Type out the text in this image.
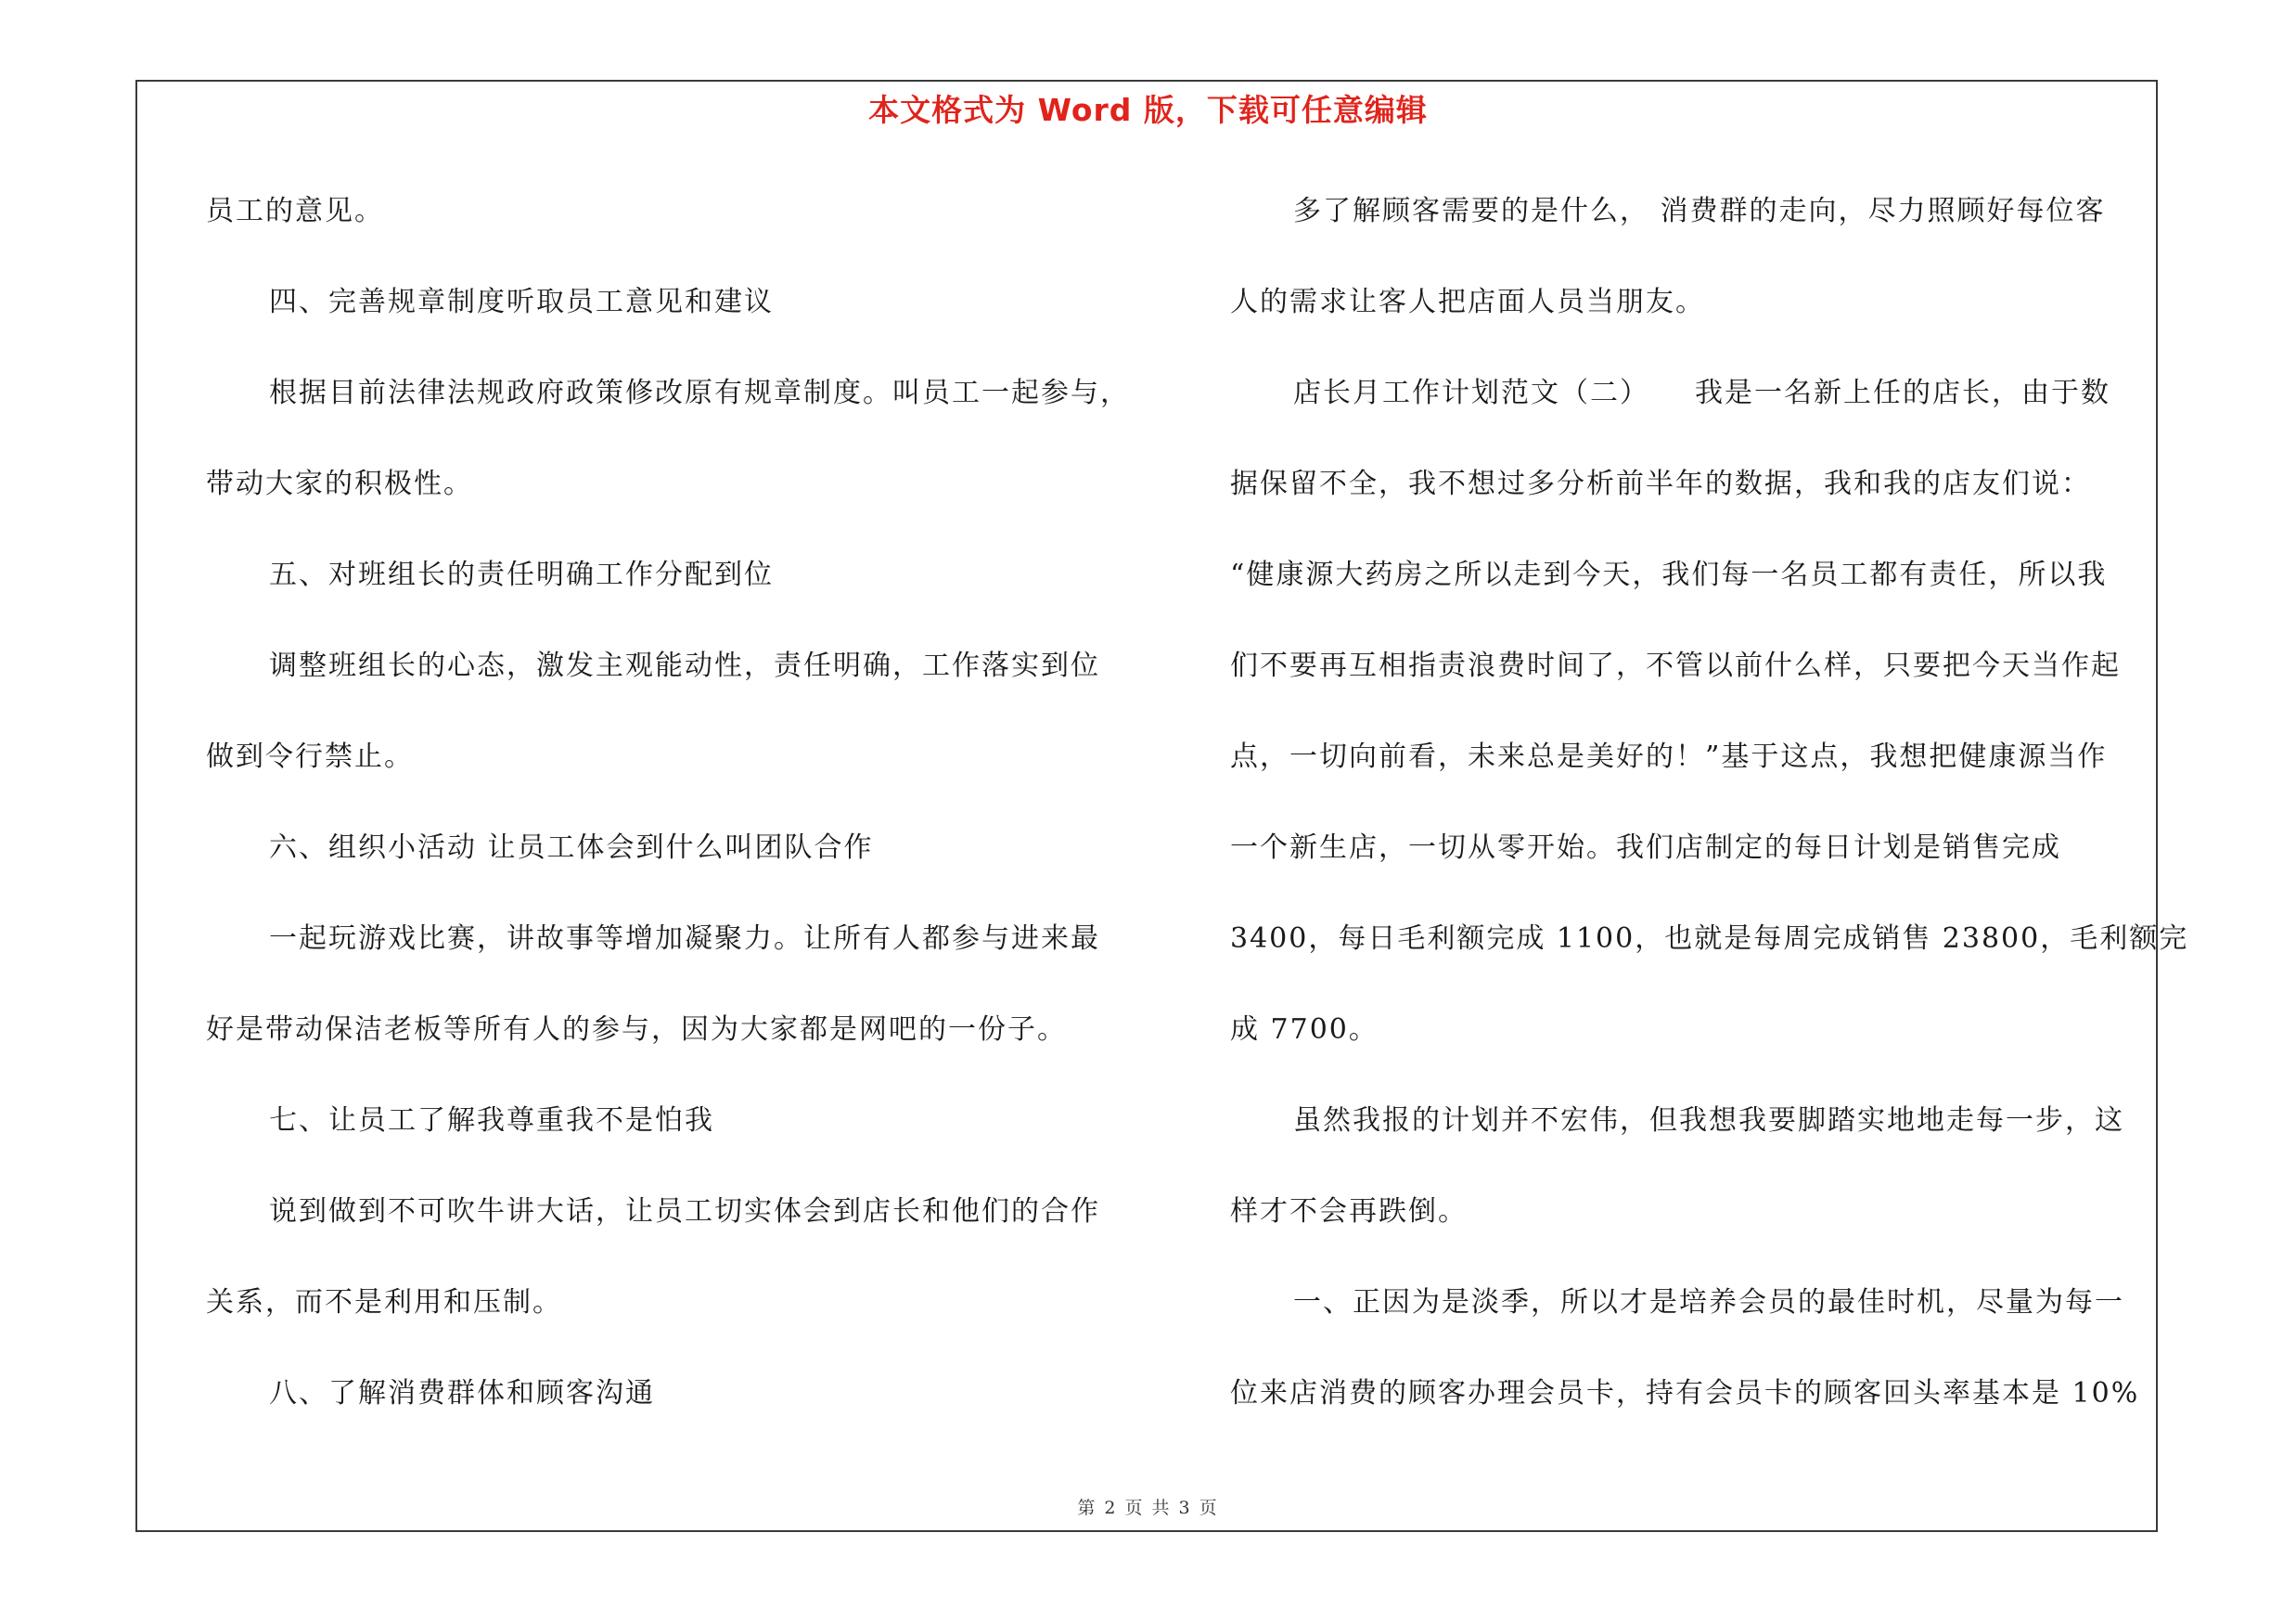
本文格式为 Word 版，下载可任意编辑
员工的意见。
四、完善规章制度听取员工意见和建议
根据目前法律法规政府政策修改原有规章制度。叫员工一起参与，
带动大家的积极性。
五、对班组长的责任明确工作分配到位
调整班组长的心态，激发主观能动性，责任明确，工作落实到位
做到令行禁止。
六、组织小活动 让员工体会到什么叫团队合作
一起玩游戏比赛，讲故事等增加凝聚力。让所有人都参与进来最
好是带动保洁老板等所有人的参与，因为大家都是网吧的一份子。
七、让员工了解我尊重我不是怕我
说到做到不可吹牛讲大话，让员工切实体会到店长和他们的合作
关系，而不是利用和压制。
八、了解消费群体和顾客沟通
多了解顾客需要的是什么， 消费群的走向，尽力照顾好每位客
人的需求让客人把店面人员当朋友。
店长月工作计划范文（二）　　我是一名新上任的店长，由于数
据保留不全，我不想过多分析前半年的数据，我和我的店友们说：
“健康源大药房之所以走到今天，我们每一名员工都有责任，所以我
们不要再互相指责浪费时间了，不管以前什么样，只要把今天当作起
点，一切向前看，未来总是美好的！”基于这点，我想把健康源当作
一个新生店，一切从零开始。我们店制定的每日计划是销售完成
3400，每日毛利额完成 1100，也就是每周完成销售 23800，毛利额完
成 7700。
虽然我报的计划并不宏伟，但我想我要脚踏实地地走每一步，这
样才不会再跌倒。
一、正因为是淡季，所以才是培养会员的最佳时机，尽量为每一
位来店消费的顾客办理会员卡，持有会员卡的顾客回头率基本是 10%
第 2 页 共 3 页
